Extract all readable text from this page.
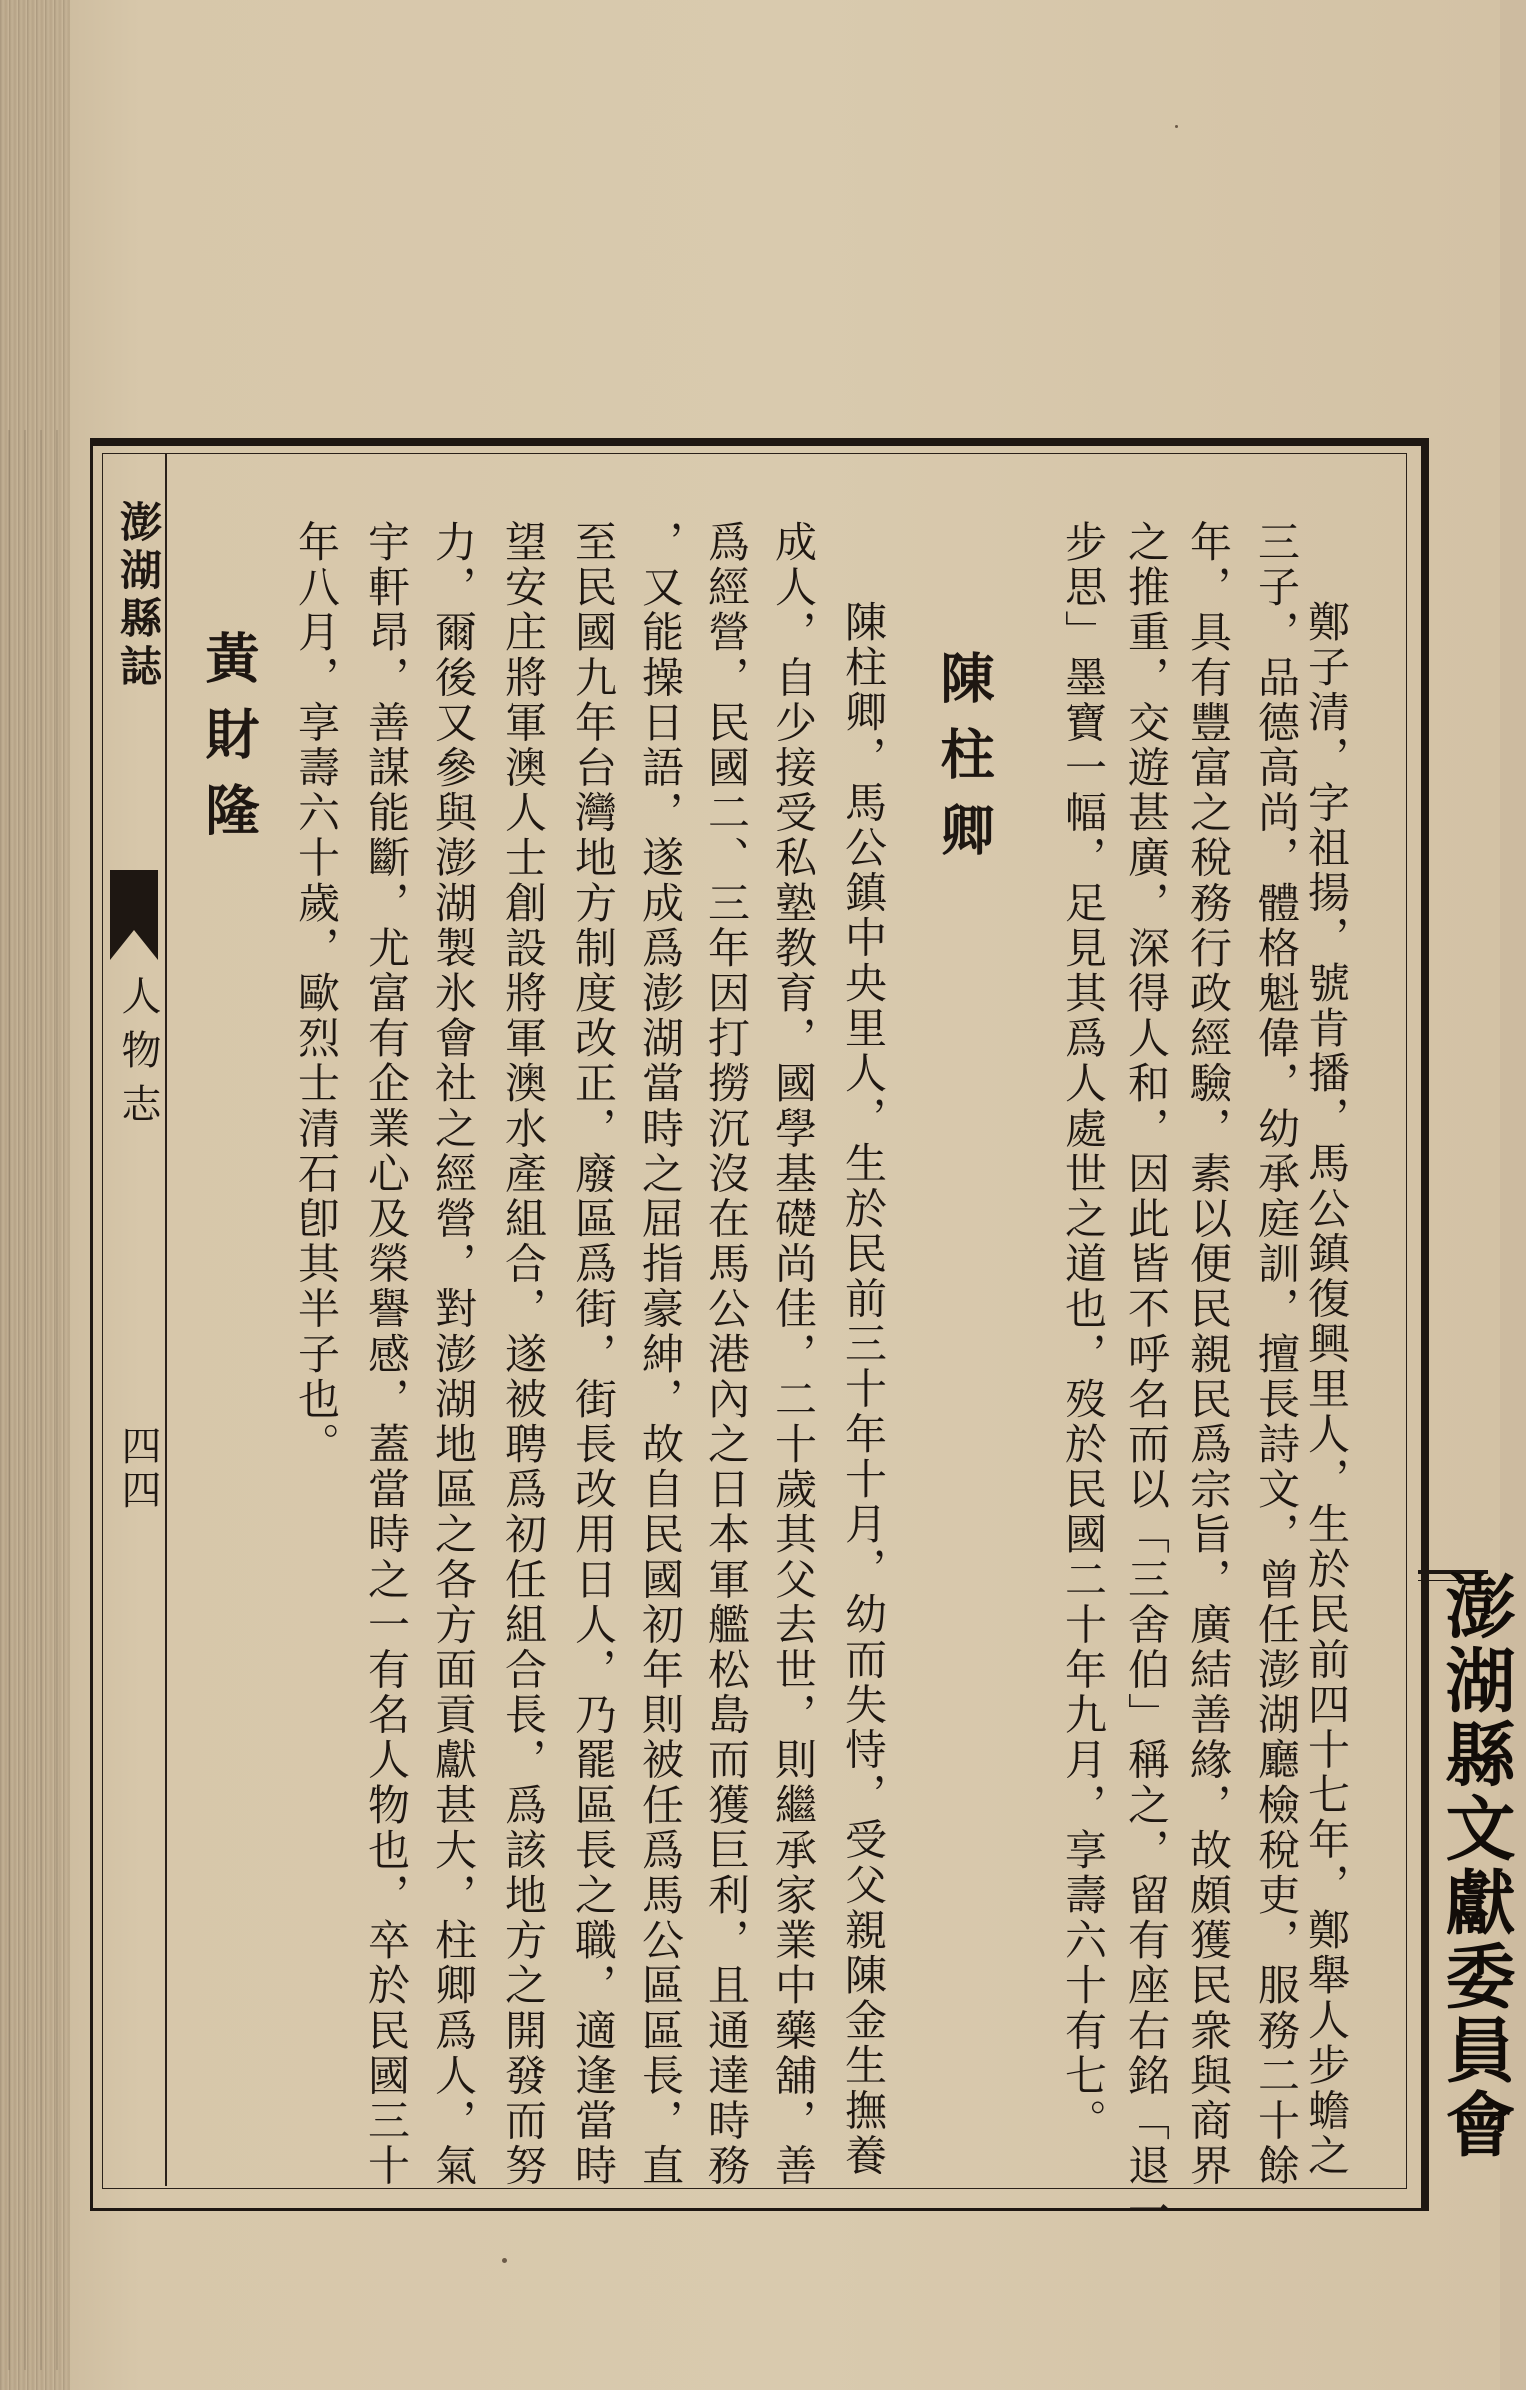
澎湖縣誌
人物志
四四	鄭子清，字祖揚，號肯播，馬公鎮復興里人，生於民前四十七年，鄭舉人步蟾之
三子，品德高尚，體格魁偉，幼承庭訓，擅長詩文，曾任澎湖廳檢稅吏，服務二十餘
年，具有豐富之稅務行政經驗，素以便民親民爲宗旨，廣結善緣，故頗獲民衆與商界
之推重，交遊甚廣，深得人和，因此皆不呼名而以「三舍伯」稱之，留有座右銘「退一
步思」墨寶一幅，足見其爲人處世之道也，歿於民國二十年九月，享壽六十有七。
陳柱卿
陳柱卿，馬公鎮中央里人，生於民前三十年十月，幼而失恃，受父親陳金生撫養
成人，自少接受私塾教育，國學基礎尚佳，二十歲其父去世，則繼承家業中藥舖，善
爲經營，民國二、三年因打撈沉沒在馬公港內之日本軍艦松島而獲巨利，且通達時務
，又能操日語，遂成爲澎湖當時之屈指豪紳，故自民國初年則被任爲馬公區區長，直
至民國九年台灣地方制度改正，廢區爲街，街長改用日人，乃罷區長之職，適逢當時
望安庄將軍澳人士創設將軍澳水產組合，遂被聘爲初任組合長，爲該地方之開發而努
力，爾後又參與澎湖製氷會社之經營，對澎湖地區之各方面貢獻甚大，柱卿爲人，氣
宇軒昂，善謀能斷，尤富有企業心及榮譽感，蓋當時之一有名人物也，卒於民國三十
年八月，享壽六十歲，歐烈士清石卽其半子也。
黃財隆
澎湖縣文獻委員會
